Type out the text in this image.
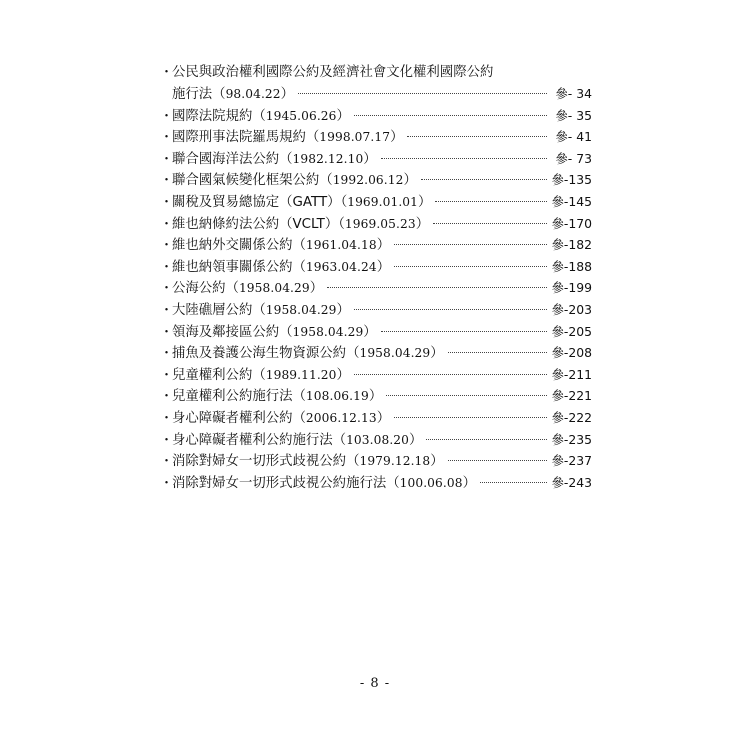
・
公民與政治權利國際公約及經濟社會文化權利國際公約
施行法（98.04.22）	參- 34
・
國際法院規約（1945.06.26）	參- 35
・
國際刑事法院羅馬規約（1998.07.17）	參- 41
・
聯合國海洋法公約（1982.12.10）	參- 73
・
聯合國氣候變化框架公約（1992.06.12）	參-135
・
關稅及貿易總協定（GATT）（1969.01.01）	參-145
・
維也納條約法公約（VCLT）（1969.05.23）	參-170
・
維也納外交關係公約（1961.04.18）	參-182
・
維也納領事關係公約（1963.04.24）	參-188
・
公海公約（1958.04.29）	參-199
・
大陸礁層公約（1958.04.29）	參-203
・
領海及鄰接區公約（1958.04.29）	參-205
・
捕魚及養護公海生物資源公約（1958.04.29）	參-208
・
兒童權利公約（1989.11.20）	參-211
・
兒童權利公約施行法（108.06.19）	參-221
・
身心障礙者權利公約（2006.12.13）	參-222
・
身心障礙者權利公約施行法（103.08.20）	參-235
・
消除對婦女一切形式歧視公約（1979.12.18）	參-237
・
消除對婦女一切形式歧視公約施行法（100.06.08）	參-243
- 8 -
